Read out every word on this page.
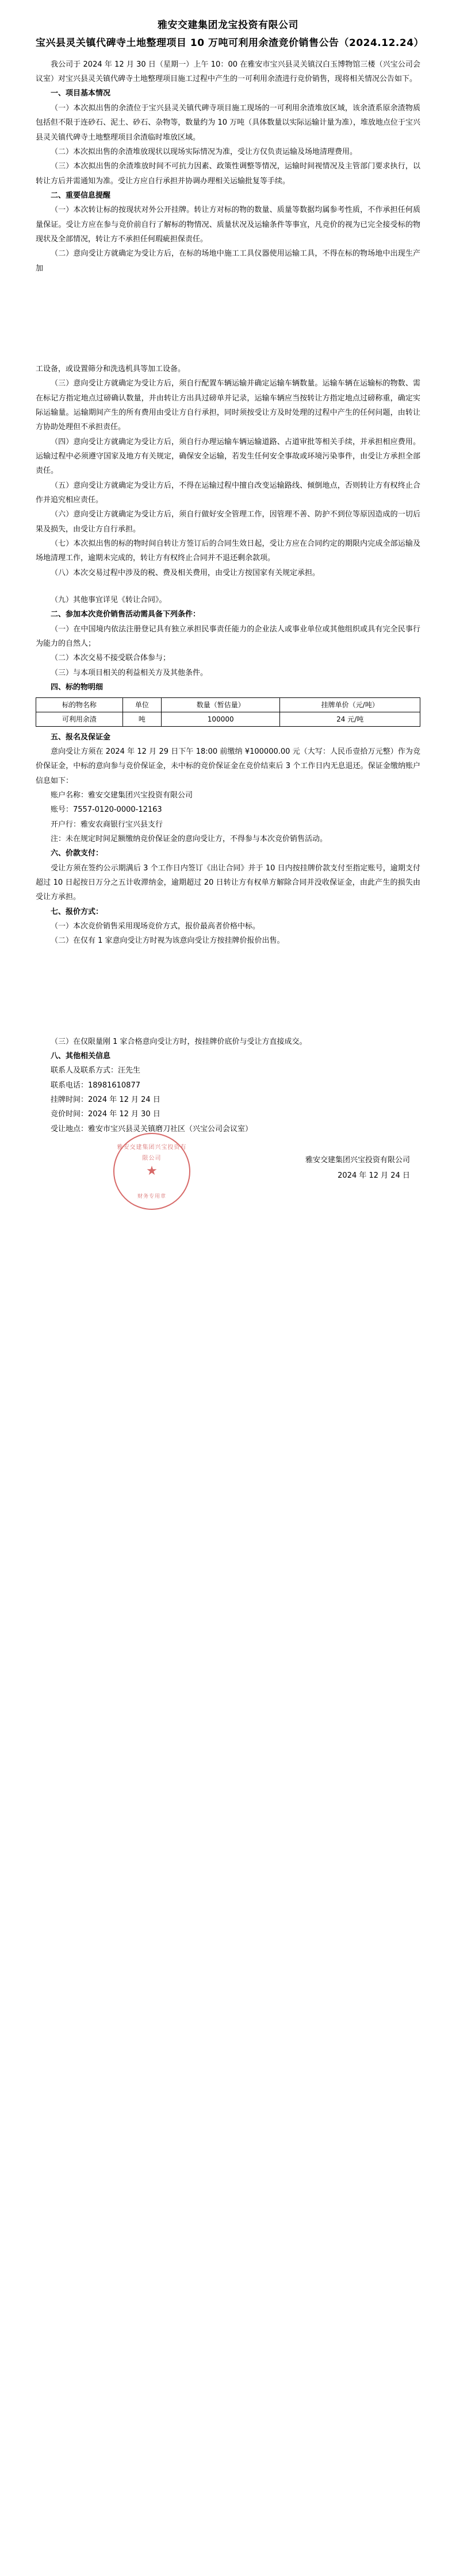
雅安交建集团龙宝投资有限公司
宝兴县灵关镇代碑寺土地整理项目 10 万吨可利用余渣竞价销售公告（2024.12.24）

我公司于 2024 年 12 月 30 日（星期一）上午 10：00 在雅安市宝兴县灵关镇汉白玉博物馆三楼（兴宝公司会议室）对宝兴县灵关镇代碑寺土地整理项目施工过程中产生的一可利用余渣进行竞价销售，现将相关情况公告如下。

一、项目基本情况

（一）本次拟出售的余渣位于宝兴县灵关镇代碑寺项目施工现场的一可利用余渣堆放区域，该余渣系原余渣物质包括但不限于连砂石、泥土、砂石、杂物等，数量约为 10 万吨（具体数量以实际运输计量为准），堆放地点位于宝兴县灵关镇代碑寺土地整理项目余渣临时堆放区域。

（二）本次拟出售的余渣堆放现状以现场实际情况为准，受让方仅负责运输及场地清理费用。

（三）本次拟出售的余渣堆放时间不可抗力因素、政策性调整等情况，运输时间视情况及主管部门要求执行，以转让方后并需通知为准。受让方应自行承担并协调办理相关运输批复等手续。

二、重要信息提醒

（一）本次转让标的按现状对外公开挂牌。转让方对标的物的数量、质量等数据均属参考性质，不作承担任何质量保证。受让方应在参与竞价前自行了解标的物情况、质量状况及运输条件等事宜，凡竞价的视为已完全接受标的物现状及全部情况，转让方不承担任何瑕疵担保责任。

（二）意向受让方就确定为受让方后，在标的场地中施工工具仪器使用运输工具，不得在标的物场地中出现生产加

工设备，或设置筛分和洗选机具等加工设备。

（三）意向受让方就确定为受让方后，须自行配置车辆运输并确定运输车辆数量。运输车辆在运输标的物数、需在标记方指定地点过磅确认数量，并由转让方出具过磅单并记录，运输车辆应当按转让方指定地点过磅称重，确定实际运输量。运输期间产生的所有费用由受让方自行承担，同时须按受让方及时处理的过程中产生的任何问题，由转让方协助处理但不承担责任。

（四）意向受让方就确定为受让方后，须自行办理运输车辆运输道路、占道审批等相关手续，并承担相应费用。运输过程中必须遵守国家及地方有关规定，确保安全运输，若发生任何安全事故或环境污染事件，由受让方承担全部责任。

（五）意向受让方就确定为受让方后，不得在运输过程中擅自改变运输路线、倾倒地点，否则转让方有权终止合作并追究相应责任。

（六）意向受让方就确定为受让方后，须自行做好安全管理工作，因管理不善、防护不到位等原因造成的一切后果及损失，由受让方自行承担。

（七）本次拟出售的标的物时间自转让方签订后的合同生效日起，受让方应在合同约定的期限内完成全部运输及场地清理工作，逾期未完成的，转让方有权终止合同并不退还剩余款项。

（八）本次交易过程中涉及的税、费及相关费用，由受让方按国家有关规定承担。

（九）其他事宜详见《转让合同》。

二、参加本次竞价销售活动需具备下列条件：

（一）在中国境内依法注册登记具有独立承担民事责任能力的企业法人或事业单位或其他组织或具有完全民事行为能力的自然人；

（二）本次交易不接受联合体参与；

（三）与本项目相关的利益相关方及其他条件。

四、标的物明细
标的物名称	单位	数量（暂估量）	挂牌单价（元/吨）
可利用余渣	吨	100000	24 元/吨
五、报名及保证金

意向受让方须在 2024 年 12 月 29 日下午 18:00 前缴纳 ¥100000.00 元（大写：人民币壹拾万元整）作为竞价保证金，中标的意向参与竞价保证金，未中标的竞价保证金在竞价结束后 3 个工作日内无息退还。保证金缴纳账户信息如下：

账户名称：雅安交建集团兴宝投资有限公司

账号：7557-0120-0000-12163

开户行：雅安农商银行宝兴县支行

注：未在规定时间足额缴纳竞价保证金的意向受让方，不得参与本次竞价销售活动。

六、价款支付：

受让方须在签约公示期满后 3 个工作日内签订《出让合同》并于 10 日内按挂牌价款支付至指定账号，逾期支付超过 10 日起按日万分之五计收滞纳金，逾期超过 20 日转让方有权单方解除合同并没收保证金，由此产生的损失由受让方承担。

七、报价方式：

（一）本次竞价销售采用现场竞价方式，报价最高者价格中标。

（二）在仅有 1 家意向受让方时视为该意向受让方按挂牌价报价出售。

（三）在仅限量刚 1 家合格意向受让方时，按挂牌价底价与受让方直接成交。

八、其他相关信息

联系人及联系方式：汪先生

联系电话：18981610877

挂牌时间：2024 年 12 月 24 日

竞价时间：2024 年 12 月 30 日

受让地点：雅安市宝兴县灵关镇磨刀社区（兴宝公司会议室）

雅安交建集团兴宝投资有限公司
★
财务专用章
雅安交建集团兴宝投资有限公司
2024 年 12 月 24 日
